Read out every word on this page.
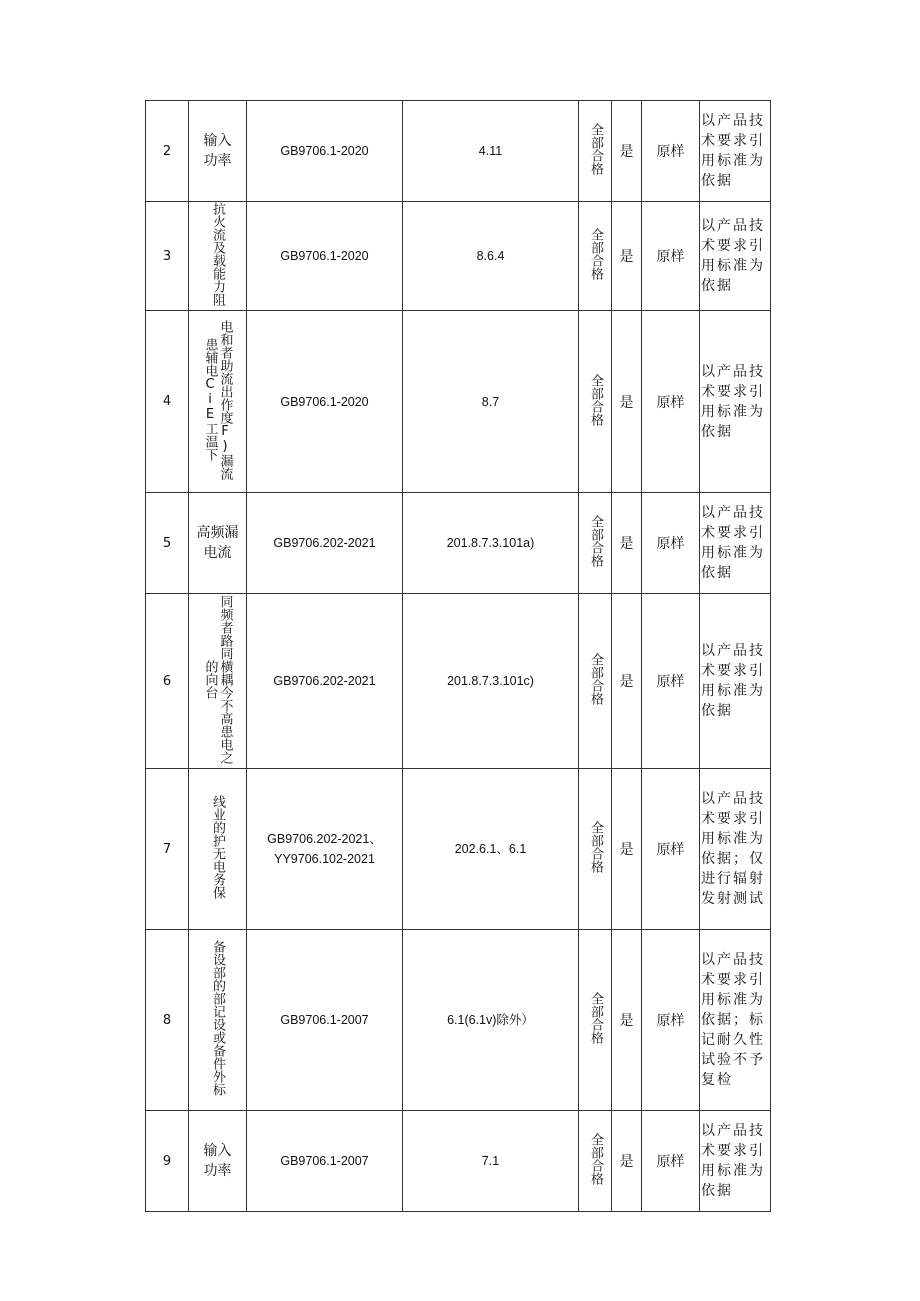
2	输入功率	GB9706.1-2020	4.11	全部合格	是	原样	以产品技术要求引用标准为依据
3	抗火流及载能力阻	GB9706.1-2020	8.6.4	全部合格	是	原样	以产品技术要求引用标准为依据
4	电和者助流出作度F)漏流患辅电CiE工温下	GB9706.1-2020	8.7	全部合格	是	原样	以产品技术要求引用标准为依据
5	高频漏电流	GB9706.202-2021	201.8.7.3.101a)	全部合格	是	原样	以产品技术要求引用标准为依据
6	同频者路同横耦今不高患电之的向台	GB9706.202-2021	201.8.7.3.101c)	全部合格	是	原样	以产品技术要求引用标准为依据
7	线业的护无电务保	GB9706.202-2021、YY9706.102-2021	202.6.1、6.1	全部合格	是	原样	以产品技术要求引用标准为依据；仅进行辐射发射测试
8	备设部的部记设或备件外标	GB9706.1-2007	6.1(6.1v)除外）	全部合格	是	原样	以产品技术要求引用标准为依据；标记耐久性试验不予复检
9	输入功率	GB9706.1-2007	7.1	全部合格	是	原样	以产品技术要求引用标准为依据
